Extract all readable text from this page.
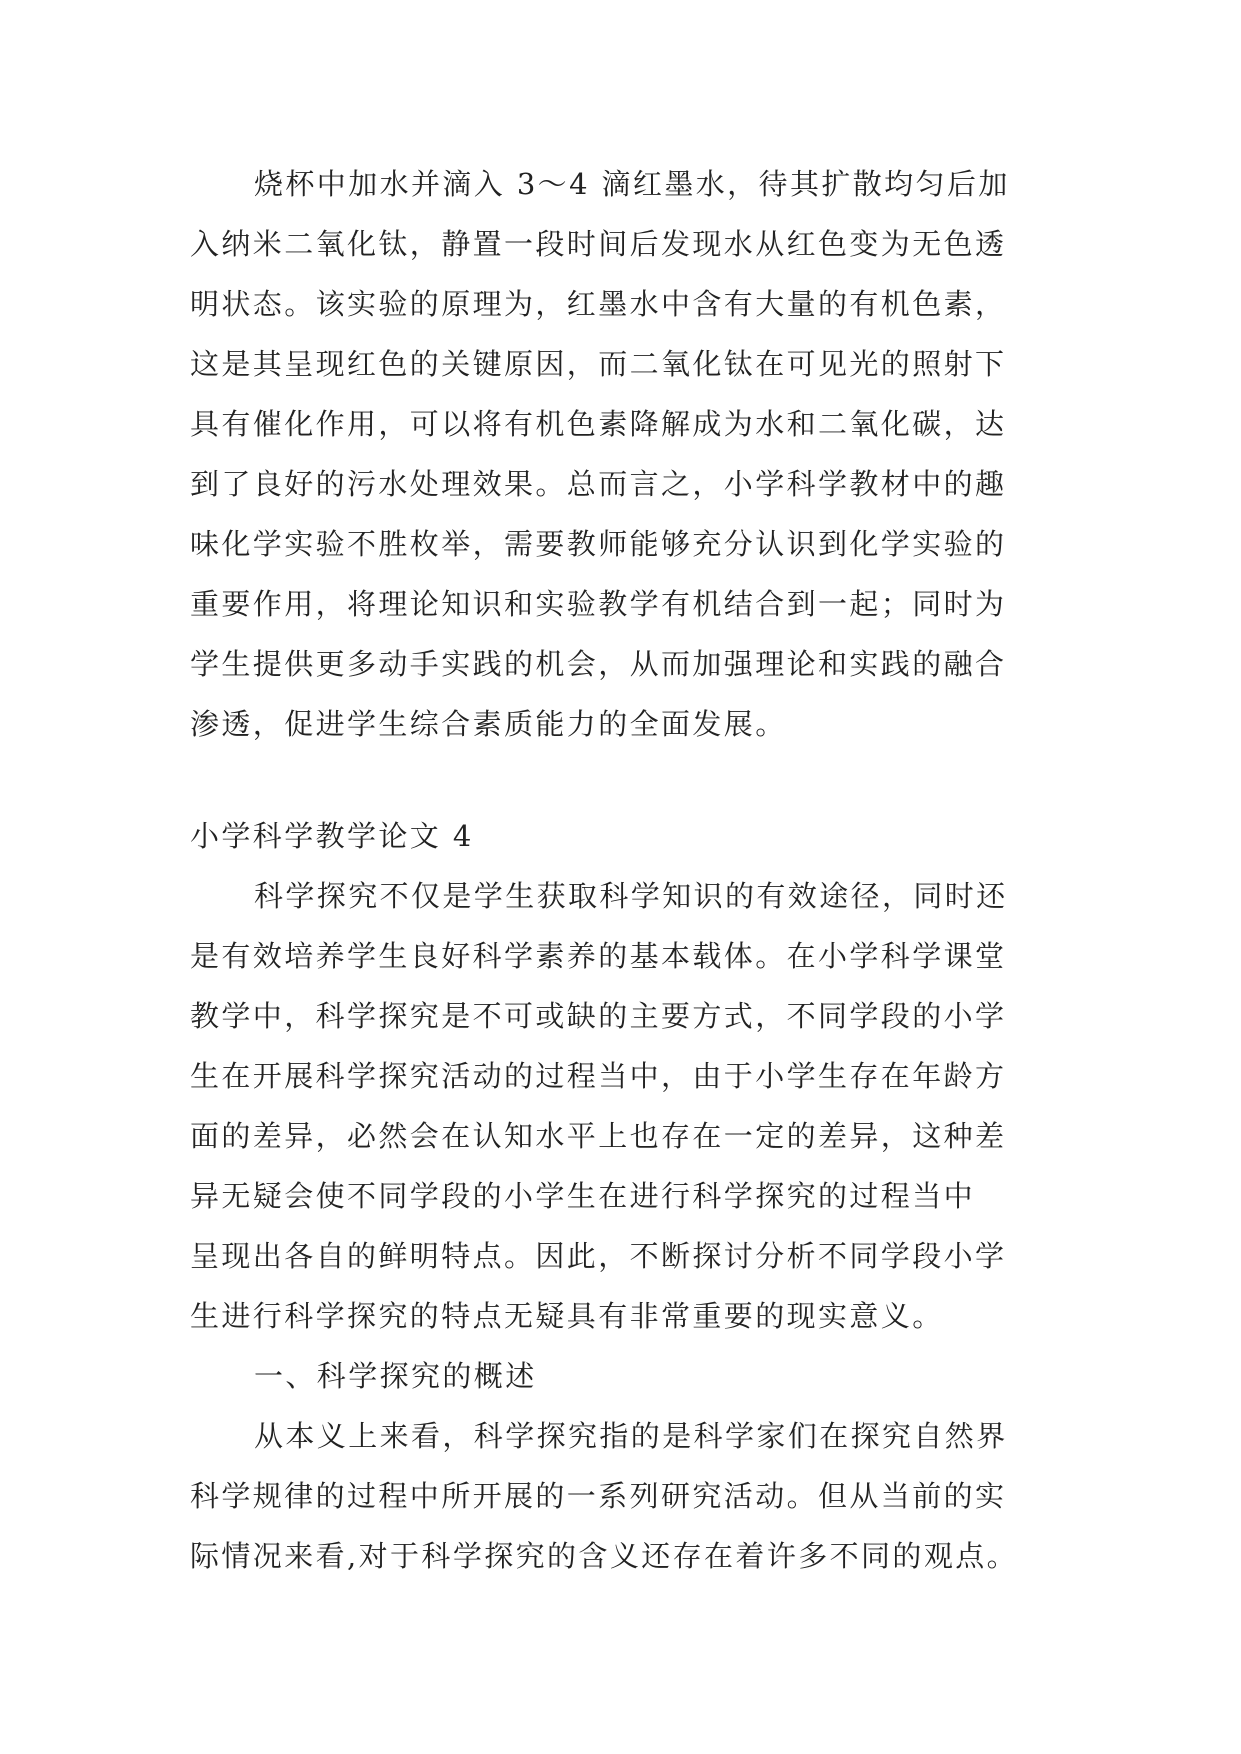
烧杯中加水并滴入 3～4 滴红墨水，待其扩散均匀后加
入纳米二氧化钛，静置一段时间后发现水从红色变为无色透
明状态。该实验的原理为，红墨水中含有大量的有机色素，
这是其呈现红色的关键原因，而二氧化钛在可见光的照射下
具有催化作用，可以将有机色素降解成为水和二氧化碳，达
到了良好的污水处理效果。总而言之，小学科学教材中的趣
味化学实验不胜枚举，需要教师能够充分认识到化学实验的
重要作用，将理论知识和实验教学有机结合到一起；同时为
学生提供更多动手实践的机会，从而加强理论和实践的融合
渗透，促进学生综合素质能力的全面发展。
小学科学教学论文 4
科学探究不仅是学生获取科学知识的有效途径，同时还
是有效培养学生良好科学素养的基本载体。在小学科学课堂
教学中，科学探究是不可或缺的主要方式，不同学段的小学
生在开展科学探究活动的过程当中，由于小学生存在年龄方
面的差异，必然会在认知水平上也存在一定的差异，这种差
异无疑会使不同学段的小学生在进行科学探究的过程当中
呈现出各自的鲜明特点。因此，不断探讨分析不同学段小学
生进行科学探究的特点无疑具有非常重要的现实意义。
一、科学探究的概述
从本义上来看，科学探究指的是科学家们在探究自然界
科学规律的过程中所开展的一系列研究活动。但从当前的实
际情况来看,对于科学探究的含义还存在着许多不同的观点。
